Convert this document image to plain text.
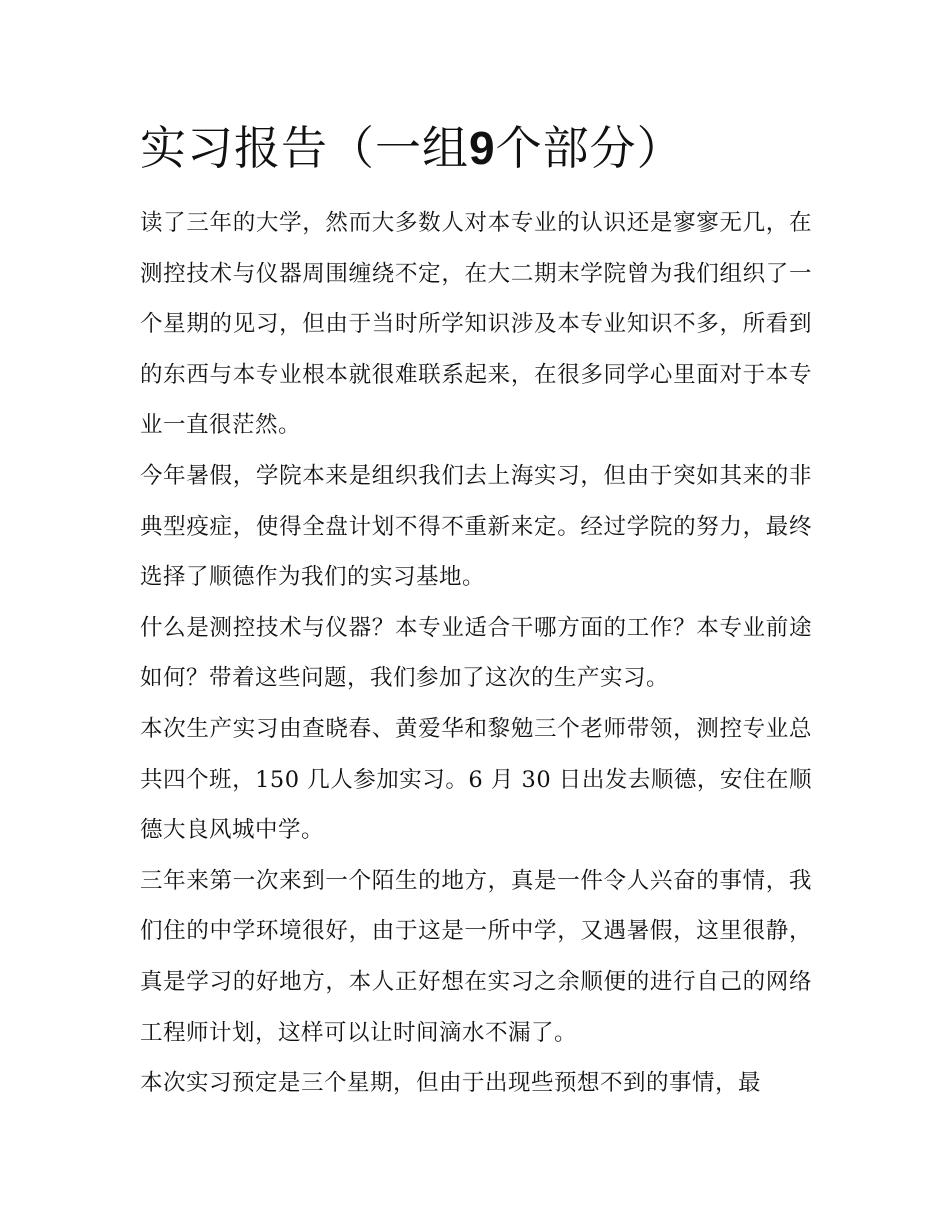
实习报告（一组9个部分）

读了三年的大学，然而大多数人对本专业的认识还是寥寥无几，在测控技术与仪器周围缠绕不定，在大二期末学院曾为我们组织了一个星期的见习，但由于当时所学知识涉及本专业知识不多，所看到的东西与本专业根本就很难联系起来，在很多同学心里面对于本专业一直很茫然。

今年暑假，学院本来是组织我们去上海实习，但由于突如其来的非典型疫症，使得全盘计划不得不重新来定。经过学院的努力，最终选择了顺德作为我们的实习基地。

什么是测控技术与仪器？本专业适合干哪方面的工作？本专业前途如何？带着这些问题，我们参加了这次的生产实习。

本次生产实习由查晓春、黄爱华和黎勉三个老师带领，测控专业总共四个班，150 几人参加实习。6 月 30 日出发去顺德，安住在顺德大良风城中学。

三年来第一次来到一个陌生的地方，真是一件令人兴奋的事情，我们住的中学环境很好，由于这是一所中学，又遇暑假，这里很静，真是学习的好地方，本人正好想在实习之余顺便的进行自己的网络工程师计划，这样可以让时间滴水不漏了。

本次实习预定是三个星期，但由于出现些预想不到的事情，最
